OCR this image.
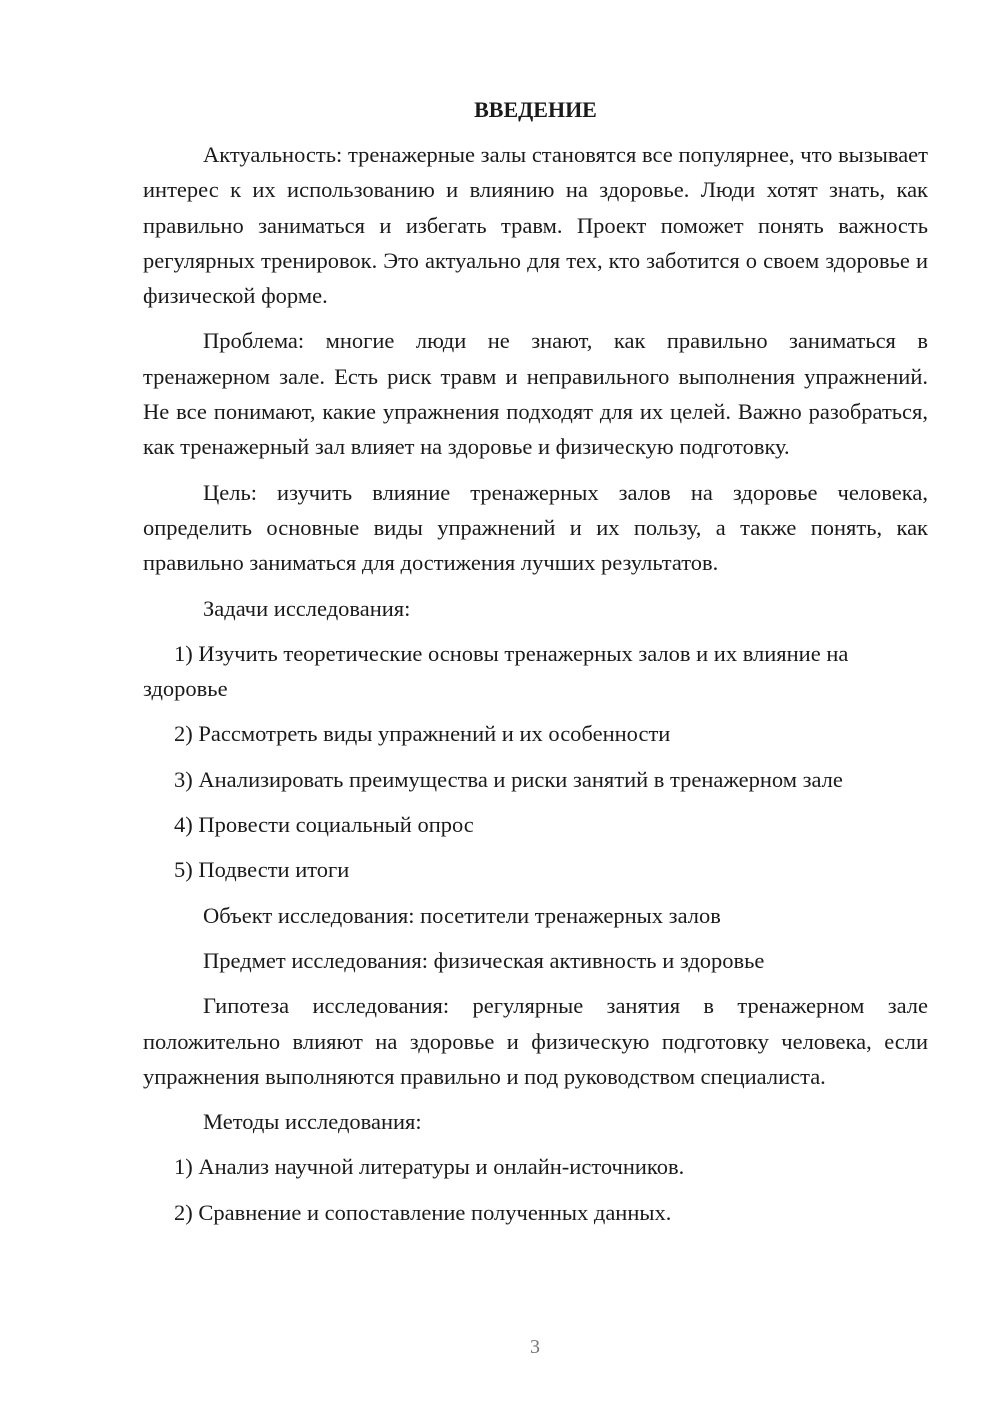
ВВЕДЕНИЕ

Актуальность: тренажерные залы становятся все популярнее, что вызывает интерес к их использованию и влиянию на здоровье. Люди хотят знать, как правильно заниматься и избегать травм. Проект поможет понять важность регулярных тренировок. Это актуально для тех, кто заботится о своем здоровье и физической форме.

Проблема: многие люди не знают, как правильно заниматься в тренажерном зале. Есть риск травм и неправильного выполнения упражнений. Не все понимают, какие упражнения подходят для их целей. Важно разобраться, как тренажерный зал влияет на здоровье и физическую подготовку.

Цель: изучить влияние тренажерных залов на здоровье человека, определить основные виды упражнений и их пользу, а также понять, как правильно заниматься для достижения лучших результатов.

Задачи исследования:

1) Изучить теоретические основы тренажерных залов и их влияние на здоровье

2) Рассмотреть виды упражнений и их особенности

3) Анализировать преимущества и риски занятий в тренажерном зале

4) Провести социальный опрос

5) Подвести итоги

Объект исследования: посетители тренажерных залов

Предмет исследования: физическая активность и здоровье

Гипотеза исследования: регулярные занятия в тренажерном зале положительно влияют на здоровье и физическую подготовку человека, если упражнения выполняются правильно и под руководством специалиста.

Методы исследования:

1) Анализ научной литературы и онлайн-источников.

2) Сравнение и сопоставление полученных данных.

3
